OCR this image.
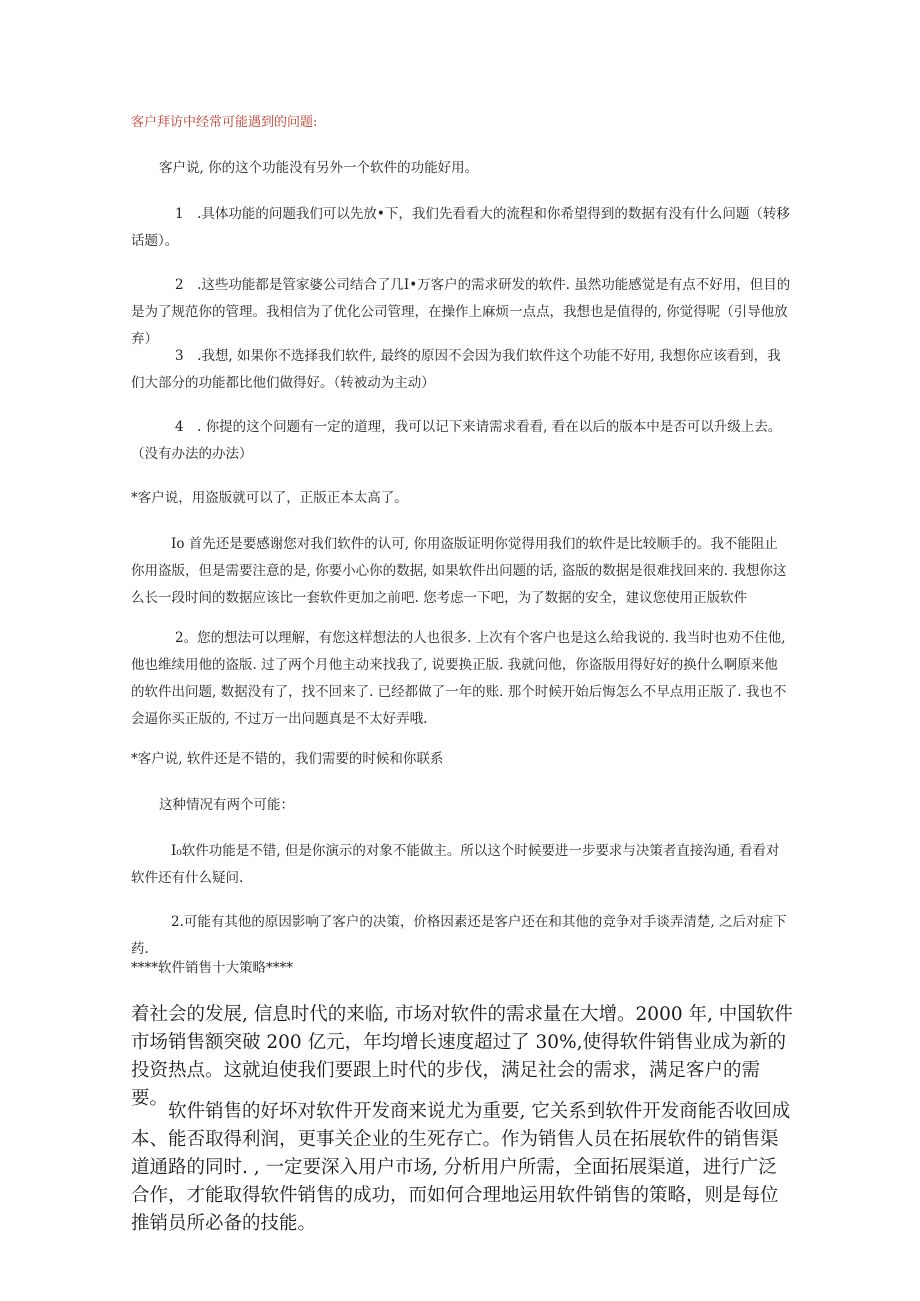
客户拜访中经常可能遇到的问题:

客户说, 你的这个功能没有另外一个软件的功能好用。

1　.具体功能的问题我们可以先放•下，我们先看看大的流程和你希望得到的数据有没有什么问题（转移话题）。

2　.这些功能都是管家婆公司结合了几I•万客户的需求研发的软件. 虽然功能感觉是有点不好用，但目的是为了规范你的管理。我相信为了优化公司管理，在操作上麻烦一点点，我想也是值得的, 你觉得呢（引导他放弃）

3　.我想, 如果你不选择我们软件, 最终的原因不会因为我们软件这个功能不好用, 我想你应该看到，我们大部分的功能都比他们做得好。（转被动为主动）

4　. 你提的这个问题有一定的道理，我可以记下来请需求看看, 看在以后的版本中是否可以升级上去。（没有办法的办法）

*客户说，用盗版就可以了，正版正本太高了。

Io 首先还是要感谢您对我们软件的认可, 你用盗版证明你觉得用我们的软件是比较顺手的。我不能阻止你用盗版，但是需要注意的是, 你要小心你的数据, 如果软件出问题的话, 盗版的数据是很难找回来的. 我想你这么长一段时间的数据应该比一套软件更加之前吧. 您考虑一下吧，为了数据的安全，建议您使用正版软件

2。您的想法可以理解，有您这样想法的人也很多. 上次有个客户也是这么给我说的. 我当时也劝不住他, 他也维续用他的盗版. 过了两个月他主动来找我了, 说要换正版. 我就问他，你盗版用得好好的换什么啊原来他的软件出问题, 数据没有了，找不回来了. 已经都做了一年的账. 那个时候开始后悔怎么不早点用正版了. 我也不会逼你买正版的, 不过万一出问题真是不太好弄哦.

*客户说, 软件还是不错的，我们需要的时候和你联系

这种情况有两个可能：

I₀软件功能是不错, 但是你演示的对象不能做主。所以这个时候要进一步要求与决策者直接沟通, 看看对软件还有什么疑问.

2.可能有其他的原因影响了客户的决策，价格因素还是客户还在和其他的竞争对手谈弄清楚, 之后对症下药.

****软件销售十大策略****

着社会的发展, 信息时代的来临, 市场对软件的需求量在大增。2000 年, 中国软件市场销售额突破 200 亿元，年均增长速度超过了 30%,使得软件销售业成为新的投资热点。这就迫使我们要跟上时代的步伐，满足社会的需求，满足客户的需要。

软件销售的好坏对软件开发商来说尤为重要, 它关系到软件开发商能否收回成本、能否取得利润，更事关企业的生死存亡。作为销售人员在拓展软件的销售渠道通路的同时. , 一定要深入用户市场, 分析用户所需，全面拓展渠道，进行广泛合作，才能取得软件销售的成功，而如何合理地运用软件销售的策略，则是每位推销员所必备的技能。
